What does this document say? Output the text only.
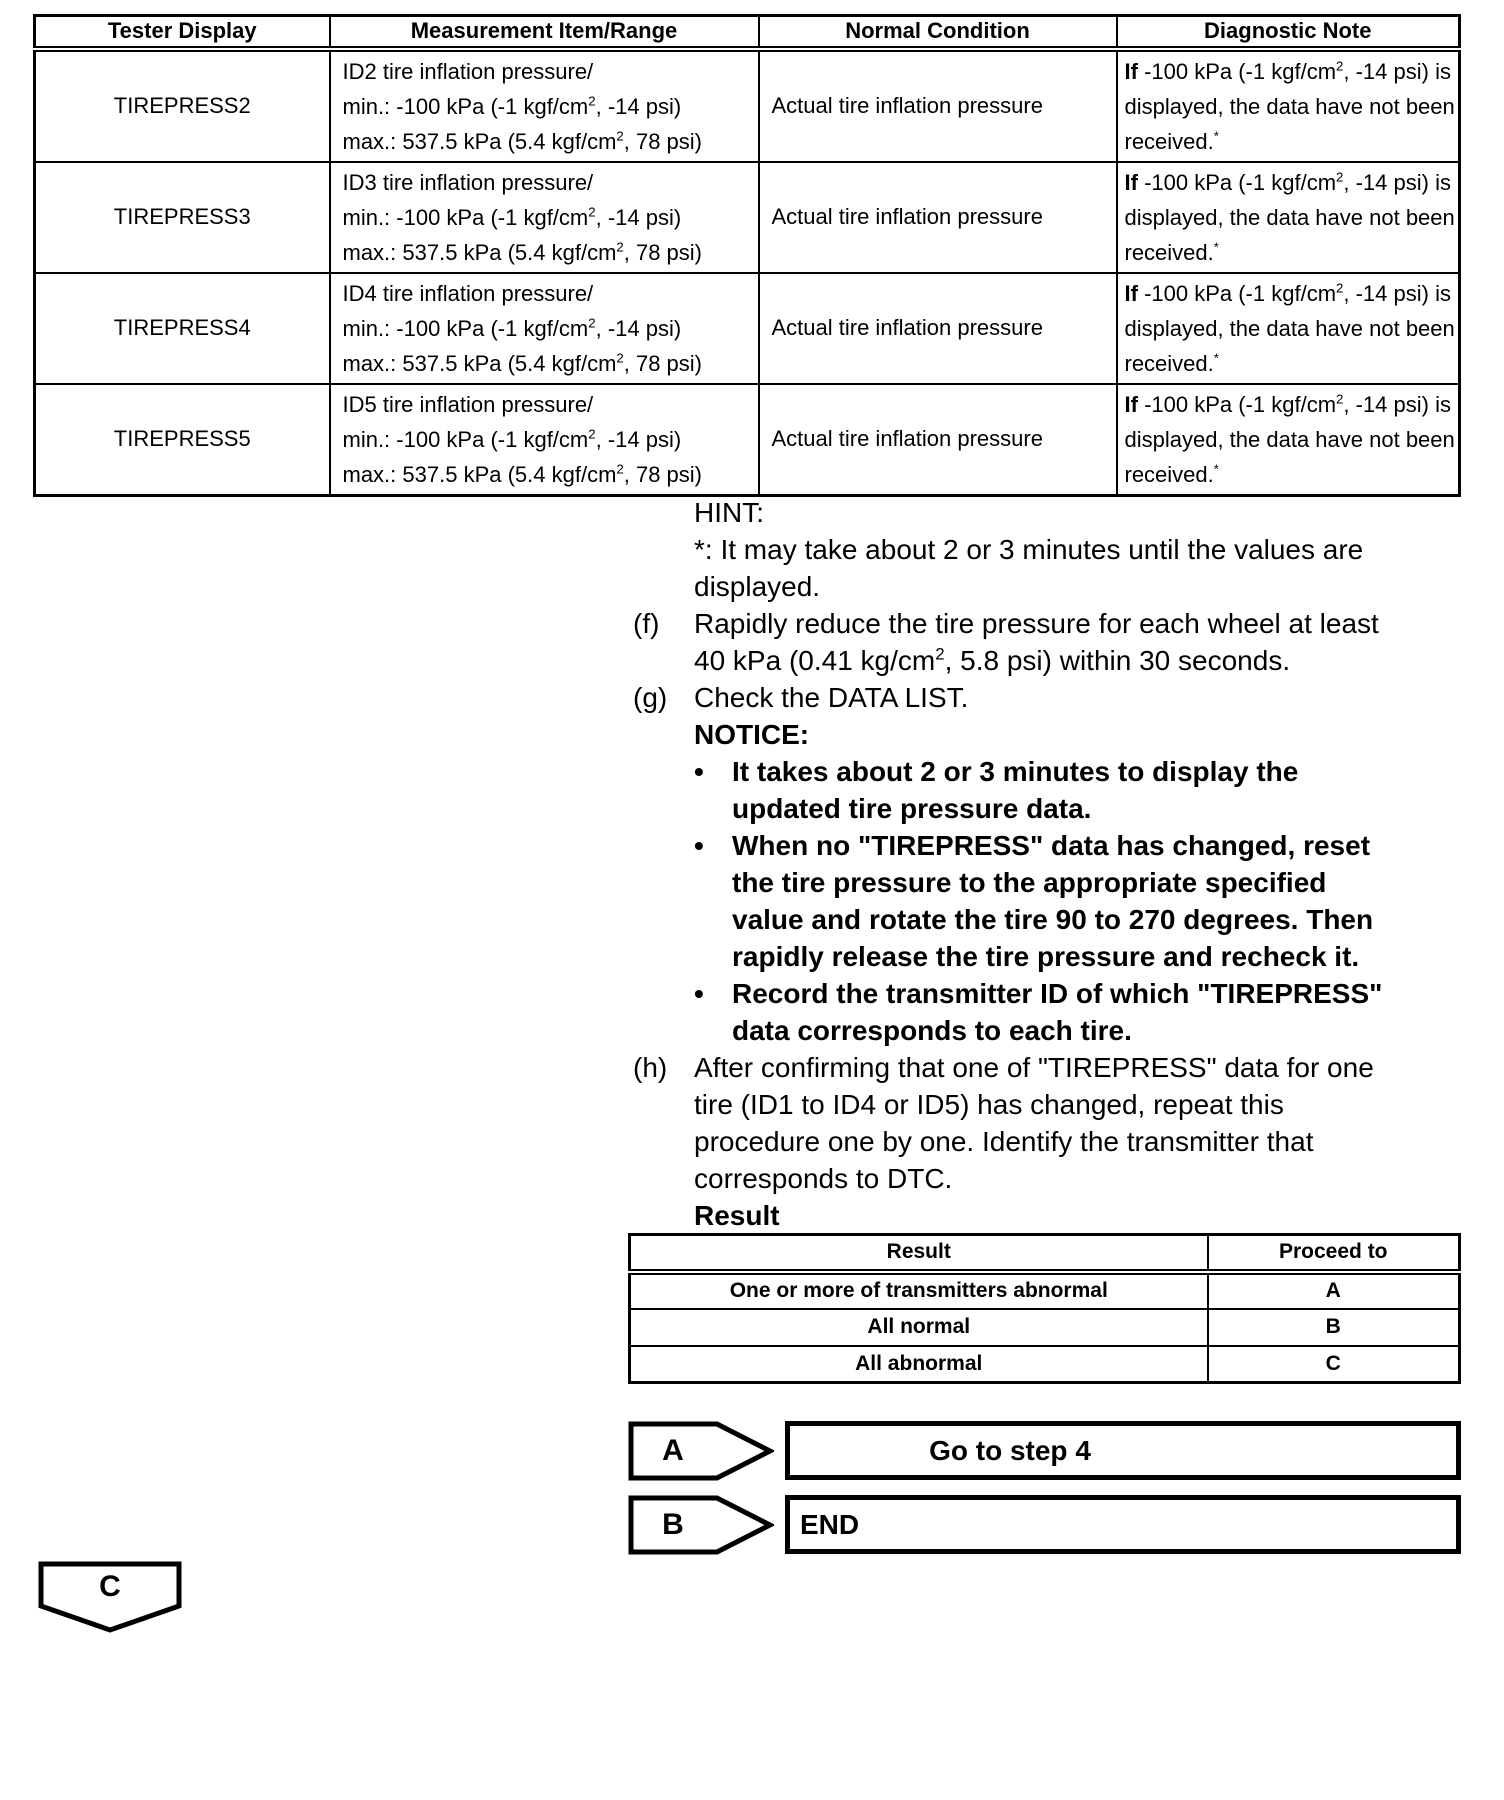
Tester Display	Measurement Item/Range	Normal Condition	Diagnostic Note
TIREPRESS2	ID2 tire inflation pressure/
min.: -100 kPa (-1 kgf/$cm^2$, -14 psi)
max.: 537.5 kPa (5.4 kgf/$cm^2$, 78 psi)	Actual tire inflation pressure	If -100 kPa (-1 kgf/$cm^2$, -14 psi) is displayed, the data have not been received.*
TIREPRESS3	ID3 tire inflation pressure/
min.: -100 kPa (-1 kgf/$cm^2$, -14 psi)
max.: 537.5 kPa (5.4 kgf/$cm^2$, 78 psi)	Actual tire inflation pressure	If -100 kPa (-1 kgf/$cm^2$, -14 psi) is displayed, the data have not been received.*
TIREPRESS4	ID4 tire inflation pressure/
min.: -100 kPa (-1 kgf/$cm^2$, -14 psi)
max.: 537.5 kPa (5.4 kgf/$cm^2$, 78 psi)	Actual tire inflation pressure	If -100 kPa (-1 kgf/$cm^2$, -14 psi) is displayed, the data have not been received.*
TIREPRESS5	ID5 tire inflation pressure/
min.: -100 kPa (-1 kgf/$cm^2$, -14 psi)
max.: 537.5 kPa (5.4 kgf/$cm^2$, 78 psi)	Actual tire inflation pressure	If -100 kPa (-1 kgf/$cm^2$, -14 psi) is displayed, the data have not been received.*
HINT:
*: It may take about 2 or 3 minutes until the values are
displayed.
(f)	Rapidly reduce the tire pressure for each wheel at least
40 kPa (0.41 $kg/cm^2$, 5.8 psi) within 30 seconds.
(g) Check the DATA LIST.
NOTICE:
•	It takes about 2 or 3 minutes to display the
updated tire pressure data.
•	When no "TIREPRESS" data has changed, reset
the tire pressure to the appropriate specified
value and rotate the tire 90 to 270 degrees. Then
rapidly release the tire pressure and recheck it.
•	Record the transmitter ID of which "TIREPRESS"
data corresponds to each tire.
(h) After confirming that one of "TIREPRESS" data for one
tire (ID1 to ID4 or ID5) has changed, repeat this
procedure one by one. Identify the transmitter that
corresponds to DTC.
Result
Result	Proceed to
One or more of transmitters abnormal	A
All normal	B
All abnormal	C
A	Go to step 4
B	END
C
